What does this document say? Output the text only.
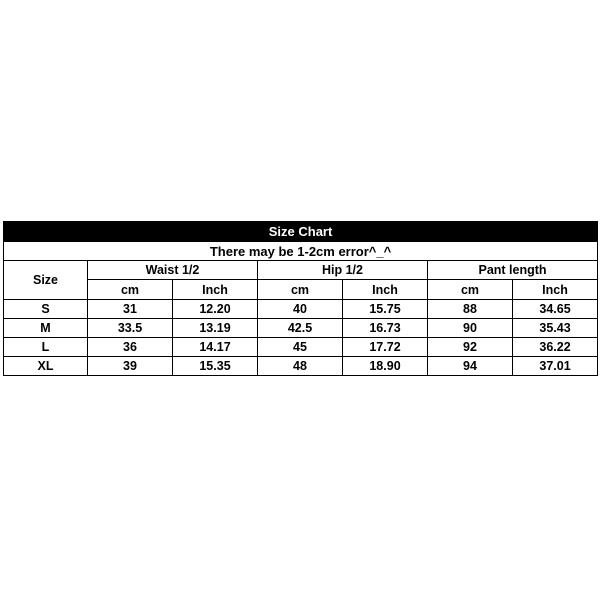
Size Chart						
There may be 1-2cm error^_^						
Size	Waist 1/2		Hip 1/2		Pant length	
	cm	Inch	cm	Inch	cm	Inch
S	31	12.20	40	15.75	88	34.65
M	33.5	13.19	42.5	16.73	90	35.43
L	36	14.17	45	17.72	92	36.22
XL	39	15.35	48	18.90	94	37.01
